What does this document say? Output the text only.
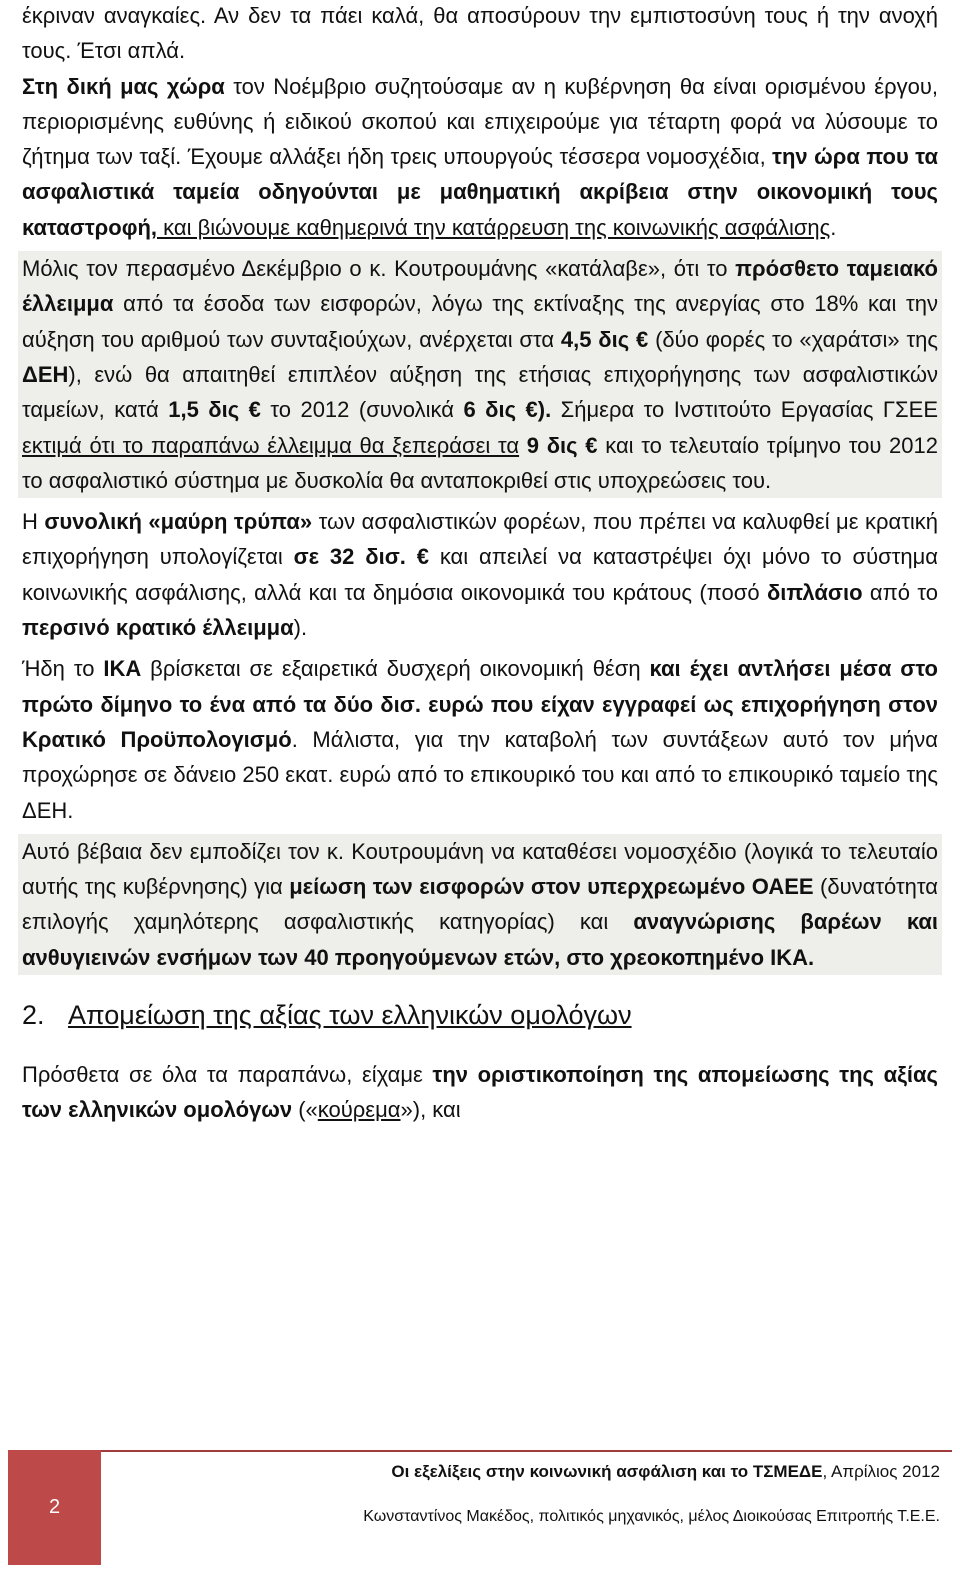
έκριναν αναγκαίες. Αν δεν τα πάει καλά, θα αποσύρουν την εμπιστοσύνη τους ή την ανοχή τους. Έτσι απλά.

Στη δική μας χώρα τον Νοέμβριο συζητούσαμε αν η κυβέρνηση θα είναι ορισμένου έργου, περιορισμένης ευθύνης ή ειδικού σκοπού και επιχειρούμε για τέταρτη φορά να λύσουμε το ζήτημα των ταξί. Έχουμε αλλάξει ήδη τρεις υπουργούς τέσσερα νομοσχέδια, την ώρα που τα ασφαλιστικά ταμεία οδηγούνται με μαθηματική ακρίβεια στην οικονομική τους καταστροφή, και βιώνουμε καθημερινά την κατάρρευση της κοινωνικής ασφάλισης.

Μόλις τον περασμένο Δεκέμβριο ο κ. Κουτρουμάνης «κατάλαβε», ότι το πρόσθετο ταμειακό έλλειμμα από τα έσοδα των εισφορών, λόγω της εκτίναξης της ανεργίας στο 18% και την αύξηση του αριθμού των συνταξιούχων, ανέρχεται στα 4,5 δις € (δύο φορές το «χαράτσι» της ΔΕΗ), ενώ θα απαιτηθεί επιπλέον αύξηση της ετήσιας επιχορήγησης των ασφαλιστικών ταμείων, κατά 1,5 δις € το 2012 (συνολικά 6 δις €). Σήμερα το Ινστιτούτο Εργασίας ΓΣΕΕ εκτιμά ότι το παραπάνω έλλειμμα θα ξεπεράσει τα 9 δις € και το τελευταίο τρίμηνο του 2012 το ασφαλιστικό σύστημα με δυσκολία θα ανταποκριθεί στις υποχρεώσεις του.

Η συνολική «μαύρη τρύπα» των ασφαλιστικών φορέων, που πρέπει να καλυφθεί με κρατική επιχορήγηση υπολογίζεται σε 32 δισ. € και απειλεί να καταστρέψει όχι μόνο το σύστημα κοινωνικής ασφάλισης, αλλά και τα δημόσια οικονομικά του κράτους (ποσό διπλάσιο από το περσινό κρατικό έλλειμμα).

Ήδη το ΙΚΑ βρίσκεται σε εξαιρετικά δυσχερή οικονομική θέση και έχει αντλήσει μέσα στο πρώτο δίμηνο το ένα από τα δύο δισ. ευρώ που είχαν εγγραφεί ως επιχορήγηση στον Κρατικό Προϋπολογισμό. Μάλιστα, για την καταβολή των συντάξεων αυτό τον μήνα προχώρησε σε δάνειο 250 εκατ. ευρώ από το επικουρικό του και από το επικουρικό ταμείο της ΔΕΗ.

Αυτό βέβαια δεν εμποδίζει τον κ. Κουτρουμάνη να καταθέσει νομοσχέδιο (λογικά το τελευταίο αυτής της κυβέρνησης) για μείωση των εισφορών στον υπερχρεωμένο ΟΑΕΕ (δυνατότητα επιλογής χαμηλότερης ασφαλιστικής κατηγορίας) και αναγνώρισης βαρέων και ανθυγιεινών ενσήμων των 40 προηγούμενων ετών, στο χρεοκοπημένο ΙΚΑ.

2. Απομείωση της αξίας των ελληνικών ομολόγων

Πρόσθετα σε όλα τα παραπάνω, είχαμε την οριστικοποίηση της απομείωσης της αξίας των ελληνικών ομολόγων («κούρεμα»), και

2
Οι εξελίξεις στην κοινωνική ασφάλιση και το ΤΣΜΕΔΕ, Απρίλιος 2012
Κωνσταντίνος Μακέδος, πολιτικός μηχανικός, μέλος Διοικούσας Επιτροπής Τ.Ε.Ε.
